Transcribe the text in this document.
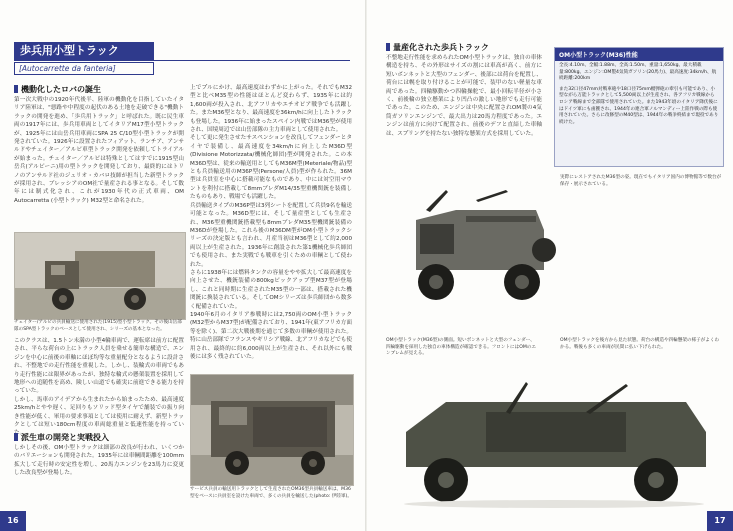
歩兵用小型トラック
[Autocarrette da fanteria]
機動化したロバの誕生

第一次大戦中の1920年代後半、陸軍の機動化を目指していたイタリア陸軍は、"悪路や中程度の起伏のある土地を走破できる"機動トラックの開発を進め、「歩兵用トラック」と呼ばれた。既に民生車両の1917年には、歩兵用車両としてイタリアM17型小型トラックが、1925年には山岳兵用車両にSPA 25 C/10型小型トラックが開発されていた。1926年に設置されたフィアット、ランチア、アンサルドやチェイター／アルピ車型トラック開発を依頼してトライアルが始まった。チェイター／アルピは特殊としてはすでに1915型山岳兵(アルピーニ)用の型トラックを開発しており、最終的にはトリノのアンサルド社のジュリオ・カバロ技師が担当した新型トラックが採用され、ブレッシアのOM社で量産される事となる。そして数年には制式化され、これが1930年代の正式車両、OM Autocarretta (小型トラック) M32型と命名された。

チェイター/アルピの兵員輸送に使用された(1915)型小型トラック。その後山岳部隊のSPA型トラックのベースとして使用され、シリーズの基本となった。

このクラスは、1.5トン未満の小型4輪車両で、運転席は前方に配置され、平らな荷台の上にトラック人員を乗せる簡単な構造で、エンジンを中心に前後の車軸にほぼ均等な重量配分となるように設計され、不整地での走行性能を重視した。しかし、装輪式の車両でもあり走行性能には限界があったが、独特な輪式の懸架装置を採用して地形への追随性を高め、険しい山道でも確実に前進できる能力を持っていた。

しかし、馬車のアイデアから生まれたから始まったため、最高速度25km/hとやや遅く、足回りもソリッド型タイヤで舗装での振り向き性能が低く、軍用の要求事項としては使用に耐えず、新型トラックとしては短い180cm程度の車両総重量と低速性能を持っていた。

派生車の開発と実戦投入

しかしその後、OM小型トラックは細部の改良が行われ、いくつかのバリエーションも開発された。1935年には車輌間距離を100mm拡大して走行時の安定性を増し、20馬力エンジンを23馬力に変更した改良型が登場した。

上でプルにかけ、最高速度はわずかに上がった。それでもM32型と比べM35型の性能はほとんど変わらず、1935年には約1,600両が投入され、北アフリカやエチオピア戦争でも活躍した。またM36型となり、最高速度を36km/hに向上したトラックも登場した。1936年に始まったスペイン内戦ではM36型が使用され、国境周辺では山岳部隊の主力車両として使用された。

そして更に発生させたサスペンションを改良してフェンダーとタイヤで装備し、最高速度を34km/hに向上したM36D型(Divisione Motorizzata/機械化師団)型が開発された。この本M36D型は、従来の輸送用としてもM36M型(Meteriale/物品)型とも兵員輸送用のM36P型(Persone/人員)型が作られた。36M型は兵員室を中心に搭載可能なものであり、中には対空用マウントを利付に搭載して8mmブレダM14/35型重機関銃を装備したものもあり、戦場でも活躍した。

兵員輸送タイプのM36P型は3列シートを配置して兵員9名を輸送可能となった。M36D型には、そして量産型としても生産され、M36型重機関銃搭載型も8mmブレダM35型機関銃装備のM36Dが登場した。これら後のM36DM型がOM小型トラックシリーズの決定版とも言われ、月産当初はM36型として約2,000両以上が生産された。1936年に創設された第1機械化歩兵師団でも使用され、また実戦でも戦車を引くための車輌として使われた。

さらに1938年には燃料タンクの容量をやや拡大して最高速度を向上させた、機銃装備の800kgピックアップ型M37型が登場し、これと同時期に生産されたM35型の一部は、搭載された機関銃に換装されている。そしてOMシリーズは歩兵師団から数多く配備されていた。

1940年6月のイタリア参戦時には2,750両のOM小型トラック(M32型からM37型)が配備されており、1941年(東アフリカ方面等を除く)、第二次大戦後期を通じて多数の車輌が使用された。特に山岳部隊でフランスやギリシア戦線、北アフリカなどでも使用され、最終的に約6,000両以上が生産され、それ以外にも戦後には多く残されていた。

サービス兵員の輸送用トラックとして生産されたOM36型兵員輸送車は、M36型をベースに兵員室を設けた車両で、多くの兵員を輸送した(photo: 伊陸軍)。
16
量産化された歩兵トラック

不整地走行性能を求められたOM小型トラックは、独自の車体構造を持ち、その外形はサイズの割には車高が高く、前方に短いボンネットと大型のフェンダー、後部には荷台を配置し、荷台には幌を取り付けることが可能で、装甲のない軽量な車両であった。四輪駆動かつ四輪操舵で、最小回転半径が小さく、前後輪の独立懸架により凹凸の激しい地形でも走行可能であった。このため、エンジンは中央に配置されOM製の4気筒ガソリンエンジンで、最大出力は20馬力程度であった。エンジンは前方に向けて配置され、前後のデフと直結した車軸は、スプリングを持たない独特な懸架方式を採用していた。

OM小型トラック(M36)性能
全長:4.10m、全幅:1.88m、全高:1.50m、重量:1,650kg、最大積載量:800kg、エンジン:OM製4気筒ガソリン(20馬力)、最高速度:34km/h、航続距離:200km
また32口径47mm対戦車砲や18口径75mm榴弾砲の牽引も可能であり、小型ながら万能トラックとして5,500両以上が生産され、各アフリカ戦線からロシア戦線まで全部隊で使用されていた。また1943年頃のイタリア降伏後にはドイツ軍にも鹵獲され、1944年の連合軍ノルマンディー上陸作戦の際も使用されていた。さらに改修型のM40型は、1944年の戦争終結まで現役であり続けた。
実際にレストアされたM36型の姿。現在でもイタリア国内の博物館等で数台が保存・展示されている。
OM小型トラック(M36型)の側面。短いボンネットと大型のフェンダー、四輪駆動を採用した独自の車体構造が確認できる。フロントにはOMのエンブレムが見える。
OM小型トラックを後方から見た状態。荷台の構造や四輪懸架の様子がよくわかる。戦後も多くの車両が民間に払い下げられた。
17
